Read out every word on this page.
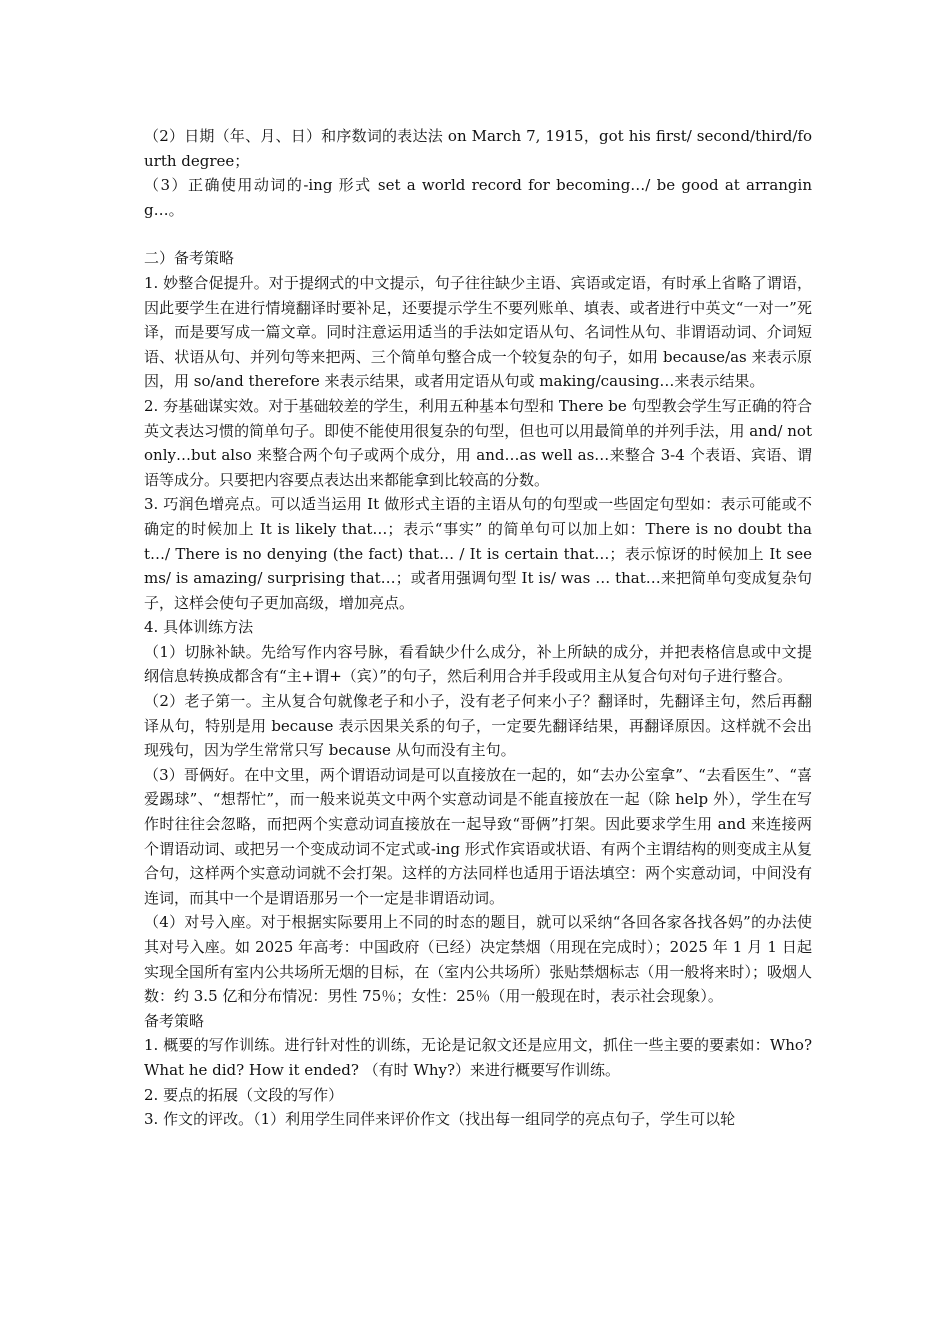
（2）日期（年、月、日）和序数词的表达法 on March 7, 1915，got his first/ second/third/fourth degree；

（3）正确使用动词的-ing 形式 set a world record for becoming…/ be good at arranging…。

二）备考策略

1. 妙整合促提升。对于提纲式的中文提示，句子往往缺少主语、宾语或定语，有时承上省略了谓语，因此要学生在进行情境翻译时要补足，还要提示学生不要列账单、填表、或者进行中英文“一对一”死译，而是要写成一篇文章。同时注意运用适当的手法如定语从句、名词性从句、非谓语动词、介词短语、状语从句、并列句等来把两、三个简单句整合成一个较复杂的句子，如用 because/as 来表示原因，用 so/and therefore 来表示结果，或者用定语从句或 making/causing…来表示结果。

2. 夯基础谋实效。对于基础较差的学生，利用五种基本句型和 There be 句型教会学生写正确的符合英文表达习惯的简单句子。即使不能使用很复杂的句型，但也可以用最简单的并列手法，用 and/ not only…but also 来整合两个句子或两个成分，用 and…as well as…来整合 3-4 个表语、宾语、谓语等成分。只要把内容要点表达出来都能拿到比较高的分数。

3. 巧润色增亮点。可以适当运用 It 做形式主语的主语从句的句型或一些固定句型如：表示可能或不确定的时候加上 It is likely that…；表示“事实” 的简单句可以加上如：There is no doubt that…/ There is no denying (the fact) that… / It is certain that…；表示惊讶的时候加上 It seems/ is amazing/ surprising that…；或者用强调句型 It is/ was … that…来把简单句变成复杂句子，这样会使句子更加高级，增加亮点。

4. 具体训练方法

（1）切脉补缺。先给写作内容号脉，看看缺少什么成分，补上所缺的成分，并把表格信息或中文提纲信息转换成都含有“主+谓+（宾）”的句子，然后利用合并手段或用主从复合句对句子进行整合。

（2）老子第一。主从复合句就像老子和小子，没有老子何来小子？翻译时，先翻译主句，然后再翻译从句，特别是用 because 表示因果关系的句子，一定要先翻译结果，再翻译原因。这样就不会出现残句，因为学生常常只写 because 从句而没有主句。

（3）哥俩好。在中文里，两个谓语动词是可以直接放在一起的，如“去办公室拿”、“去看医生”、“喜爱踢球”、“想帮忙”，而一般来说英文中两个实意动词是不能直接放在一起（除 help 外），学生在写作时往往会忽略，而把两个实意动词直接放在一起导致“哥俩”打架。因此要求学生用 and 来连接两个谓语动词、或把另一个变成动词不定式或-ing 形式作宾语或状语、有两个主谓结构的则变成主从复合句，这样两个实意动词就不会打架。这样的方法同样也适用于语法填空：两个实意动词，中间没有连词，而其中一个是谓语那另一个一定是非谓语动词。

（4）对号入座。对于根据实际要用上不同的时态的题目，就可以采纳“各回各家各找各妈”的办法使其对号入座。如 2025 年高考：中国政府（已经）决定禁烟（用现在完成时）；2025 年 1 月 1 日起实现全国所有室内公共场所无烟的目标，在（室内公共场所）张贴禁烟标志（用一般将来时）；吸烟人数：约 3.5 亿和分布情况：男性 75％；女性：25％（用一般现在时，表示社会现象）。

备考策略

1. 概要的写作训练。进行针对性的训练，无论是记叙文还是应用文，抓住一些主要的要素如：Who? What he did? How it ended? （有时 Why?）来进行概要写作训练。

2. 要点的拓展（文段的写作）

3. 作文的评改。（1）利用学生同伴来评价作文（找出每一组同学的亮点句子，学生可以轮
